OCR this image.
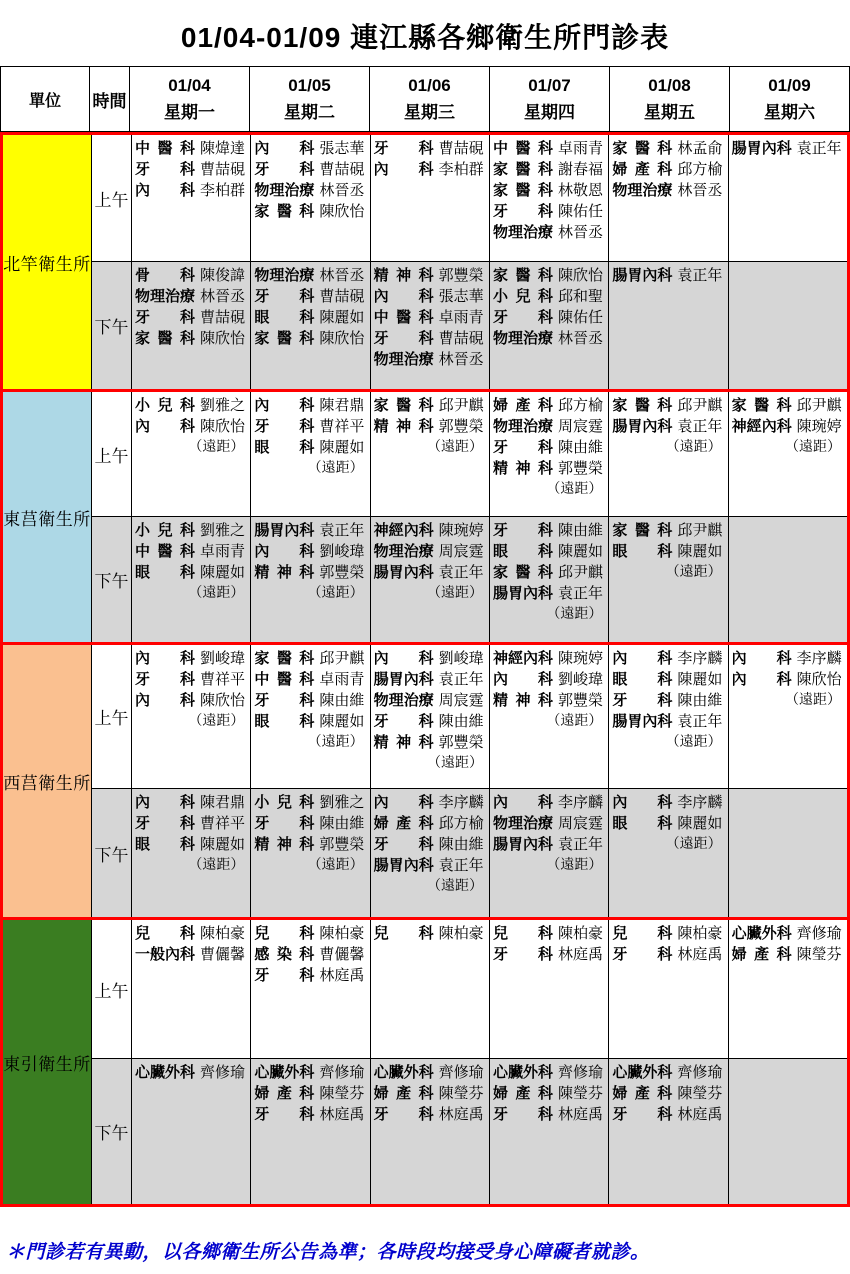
01/04-01/09 連江縣各鄉衛生所門診表
單位	時間
01/04
星期一
01/05
星期二
01/06
星期三
01/07
星期四
01/08
星期五
01/09
星期六
北竿衛生所
上午
中 醫 科 陳煒達
牙 科 曹喆硯
內 科 李柏群
內 科 張志華
牙 科 曹喆硯
物 理 治 療 林晉丞
家 醫 科 陳欣怡
牙 科 曹喆硯
內 科 李柏群
中 醫 科 卓雨青
家 醫 科 謝春福
家 醫 科 林敬恩
牙 科 陳佑任
物 理 治 療 林晉丞
家 醫 科 林孟俞
婦 產 科 邱方榆
物 理 治 療 林晉丞
腸 胃 內 科 袁正年
下午
骨 科 陳俊諱
物 理 治 療 林晉丞
牙 科 曹喆硯
家 醫 科 陳欣怡
物 理 治 療 林晉丞
牙 科 曹喆硯
眼 科 陳麗如
家 醫 科 陳欣怡
精 神 科 郭豐榮
內 科 張志華
中 醫 科 卓雨青
牙 科 曹喆硯
物 理 治 療 林晉丞
家 醫 科 陳欣怡
小 兒 科 邱和聖
牙 科 陳佑任
物 理 治 療 林晉丞
腸 胃 內 科 袁正年
東莒衛生所
上午
小 兒 科 劉雅之
內 科 陳欣怡
（遠距）
內 科 陳君鼎
牙 科 曹祥平
眼 科 陳麗如
（遠距）
家 醫 科 邱尹麒
精 神 科 郭豐榮
（遠距）
婦 產 科 邱方榆
物 理 治 療 周宸霆
牙 科 陳由維
精 神 科 郭豐榮
（遠距）
家 醫 科 邱尹麒
腸 胃 內 科 袁正年
（遠距）
家 醫 科 邱尹麒
神 經 內 科 陳琬婷
（遠距）
下午
小 兒 科 劉雅之
中 醫 科 卓雨青
眼 科 陳麗如
（遠距）
腸 胃 內 科 袁正年
內 科 劉峻瑋
精 神 科 郭豐榮
（遠距）
神 經 內 科 陳琬婷
物 理 治 療 周宸霆
腸 胃 內 科 袁正年
（遠距）
牙 科 陳由維
眼 科 陳麗如
家 醫 科 邱尹麒
腸 胃 內 科 袁正年
（遠距）
家 醫 科 邱尹麒
眼 科 陳麗如
（遠距）
西莒衛生所
上午
內 科 劉峻瑋
牙 科 曹祥平
內 科 陳欣怡
（遠距）
家 醫 科 邱尹麒
中 醫 科 卓雨青
牙 科 陳由維
眼 科 陳麗如
（遠距）
內 科 劉峻瑋
腸 胃 內 科 袁正年
物 理 治 療 周宸霆
牙 科 陳由維
精 神 科 郭豐榮
（遠距）
神 經 內 科 陳琬婷
內 科 劉峻瑋
精 神 科 郭豐榮
（遠距）
內 科 李序麟
眼 科 陳麗如
牙 科 陳由維
腸 胃 內 科 袁正年
（遠距）
內 科 李序麟
內 科 陳欣怡
（遠距）
下午
內 科 陳君鼎
牙 科 曹祥平
眼 科 陳麗如
（遠距）
小 兒 科 劉雅之
牙 科 陳由維
精 神 科 郭豐榮
（遠距）
內 科 李序麟
婦 產 科 邱方榆
牙 科 陳由維
腸 胃 內 科 袁正年
（遠距）
內 科 李序麟
物 理 治 療 周宸霆
腸 胃 內 科 袁正年
（遠距）
內 科 李序麟
眼 科 陳麗如
（遠距）
東引衛生所
上午
兒 科 陳柏豪
一 般 內 科 曹儷馨
兒 科 陳柏豪
感 染 科 曹儷馨
牙 科 林庭禹
兒 科 陳柏豪 兒 科 陳柏豪
牙 科 林庭禹
兒 科 陳柏豪
牙 科 林庭禹
心 臟 外 科 齊修瑜
婦 產 科 陳瑩芬
下午
心 臟 外 科 齊修瑜 心 臟 外 科 齊修瑜
婦 產 科 陳瑩芬
牙 科 林庭禹
心 臟 外 科 齊修瑜
婦 產 科 陳瑩芬
牙 科 林庭禹
心 臟 外 科 齊修瑜
婦 產 科 陳瑩芬
牙 科 林庭禹
心 臟 外 科 齊修瑜
婦 產 科 陳瑩芬
牙 科 林庭禹
＊門診若有異動，以各鄉衛生所公告為準；各時段均接受身心障礙者就診。
